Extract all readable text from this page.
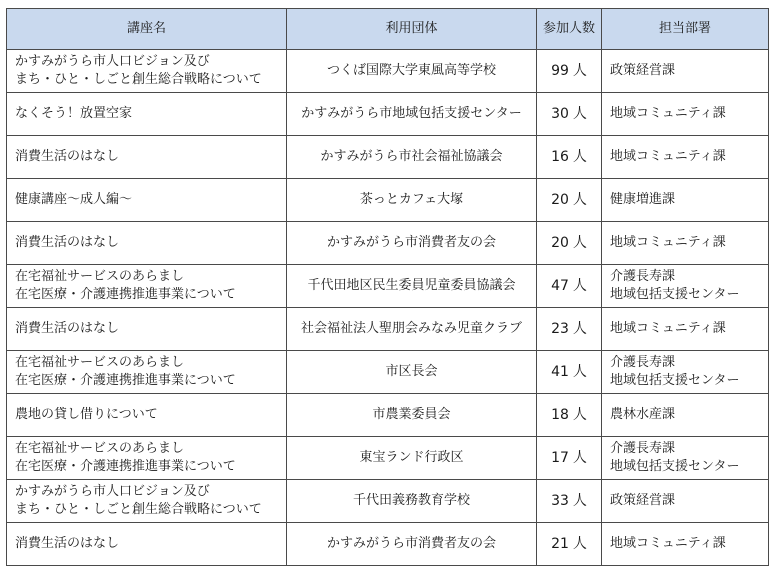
講座名	利用団体	参加人数	担当部署

かすみがうら市人口ビジョン及び
まち・ひと・しごと創生総合戦略について	つくば国際大学東風高等学校	99 人	政策経営課

なくそう！放置空家	かすみがうら市地域包括支援センター	30 人	地域コミュニティ課

消費生活のはなし	かすみがうら市社会福祉協議会	16 人	地域コミュニティ課

健康講座〜成人編〜	茶っとカフェ大塚	20 人	健康増進課

消費生活のはなし	かすみがうら市消費者友の会	20 人	地域コミュニティ課

在宅福祉サービスのあらまし
在宅医療・介護連携推進事業について	千代田地区民生委員児童委員協議会	47 人	介護長寿課
地域包括支援センター

消費生活のはなし	社会福祉法人聖朋会みなみ児童クラブ	23 人	地域コミュニティ課

在宅福祉サービスのあらまし
在宅医療・介護連携推進事業について	市区長会	41 人	介護長寿課
地域包括支援センター

農地の貸し借りについて	市農業委員会	18 人	農林水産課

在宅福祉サービスのあらまし
在宅医療・介護連携推進事業について	東宝ランド行政区	17 人	介護長寿課
地域包括支援センター

かすみがうら市人口ビジョン及び
まち・ひと・しごと創生総合戦略について	千代田義務教育学校	33 人	政策経営課

消費生活のはなし	かすみがうら市消費者友の会	21 人	地域コミュニティ課
